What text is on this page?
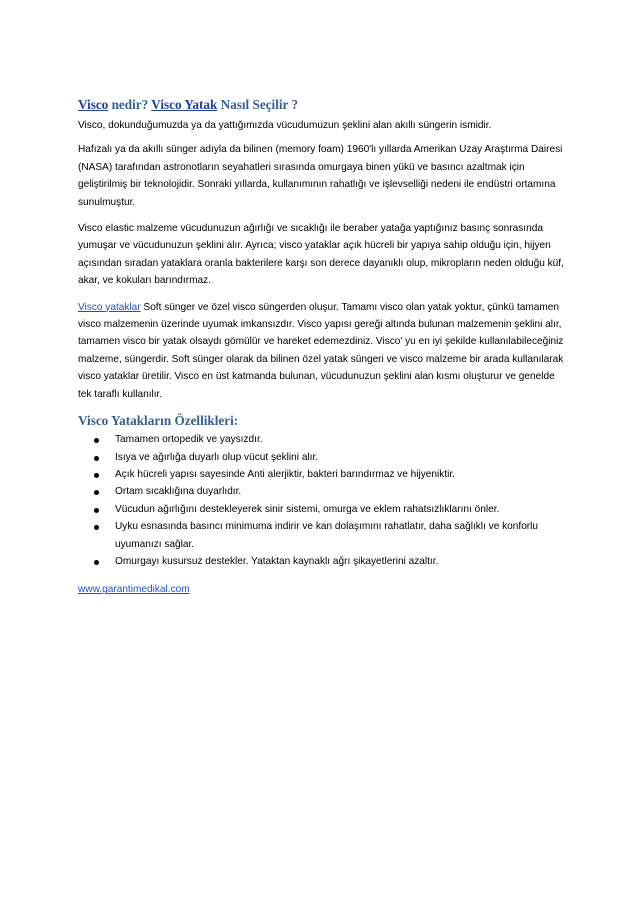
Visco nedir? Visco Yatak Nasıl Seçilir ?

Visco, dokunduğumuzda ya da yattığımızda vücudumuzun şeklini alan akıllı süngerin ismidir.

Hafızalı ya da akıllı sünger adıyla da bilinen (memory foam) 1960'lı yıllarda Amerikan Uzay Araştırma Dairesi (NASA) tarafından astronotların seyahatleri sırasında omurgaya binen yükü ve basıncı azaltmak için geliştirilmiş bir teknolojidir. Sonraki yıllarda, kullanımının rahatlığı ve işlevselliği nedeni ile endüstri ortamına sunulmuştur.

Visco elastic malzeme vücudunuzun ağırlığı ve sıcaklığı ile beraber yatağa yaptığınız basınç sonrasında yumuşar ve vücudunuzun şeklini alır. Ayrıca; visco yataklar açık hücreli bir yapıya sahip olduğu için, hijyen açısından sıradan yataklara oranla bakterilere karşı son derece dayanıklı olup, mikropların neden olduğu küf, akar, ve kokuları barındırmaz.

Visco yataklar Soft sünger ve özel visco süngerden oluşur. Tamamı visco olan yatak yoktur, çünkü tamamen visco malzemenin üzerinde uyumak imkansızdır. Visco yapısı gereği altında bulunan malzemenin şeklini alır, tamamen visco bir yatak olsaydı gömülür ve hareket edemezdiniz. Visco' yu en iyi şekilde kullanılabileceğiniz malzeme, süngerdir. Soft sünger olarak da bilinen özel yatak süngeri ve visco malzeme bir arada kullanılarak visco yataklar üretilir. Visco en üst katmanda bulunan, vücudunuzun şeklini alan kısmı oluşturur ve genelde tek taraflı kullanılır.

Visco Yatakların Özellikleri:
Tamamen ortopedik ve yaysızdır.
Isıya ve ağırlığa duyarlı olup vücut şeklini alır.
Açık hücreli yapısı sayesinde Anti alerjiktir, bakteri barındırmaz ve hijyeniktir.
Ortam sıcaklığına duyarlıdır.
Vücudun ağırlığını destekleyerek sinir sistemi, omurga ve eklem rahatsızlıklarını önler.
Uyku esnasında basıncı minimuma indirir ve kan dolaşımını rahatlatır, daha sağlıklı ve konforlu uyumanızı sağlar.
Omurgayı kusursuz destekler. Yataktan kaynaklı ağrı şikayetlerini azaltır.

www.garantimedikal.com
